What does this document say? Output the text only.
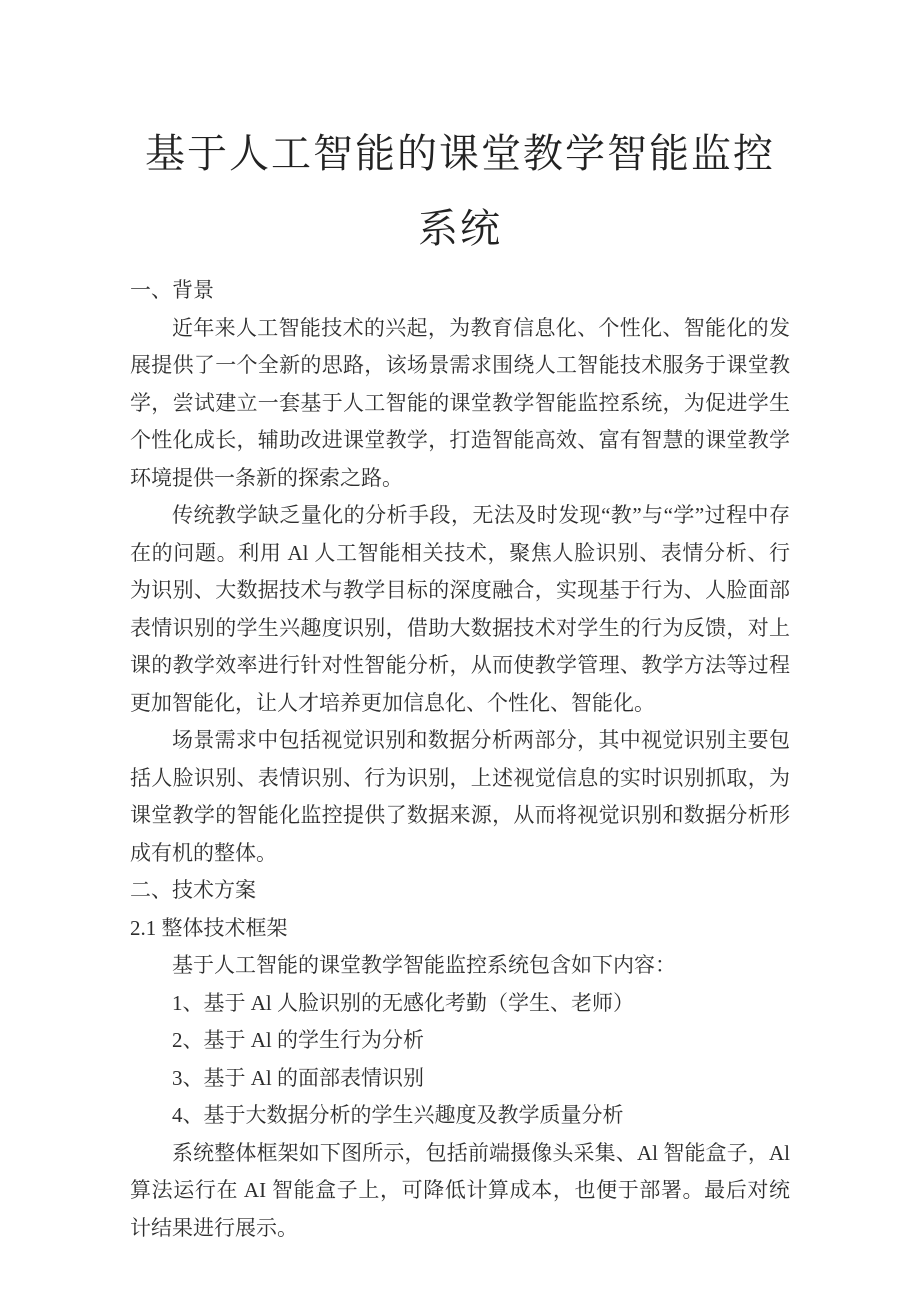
基于人工智能的课堂教学智能监控
系统
一、背景

近年来人工智能技术的兴起，为教育信息化、个性化、智能化的发展提供了一个全新的思路，该场景需求围绕人工智能技术服务于课堂教学，尝试建立一套基于人工智能的课堂教学智能监控系统，为促进学生个性化成长，辅助改进课堂教学，打造智能高效、富有智慧的课堂教学环境提供一条新的探索之路。

传统教学缺乏量化的分析手段，无法及时发现“教”与“学”过程中存在的问题。利用 Al 人工智能相关技术，聚焦人脸识别、表情分析、行为识别、大数据技术与教学目标的深度融合，实现基于行为、人脸面部表情识别的学生兴趣度识别，借助大数据技术对学生的行为反馈，对上课的教学效率进行针对性智能分析，从而使教学管理、教学方法等过程更加智能化，让人才培养更加信息化、个性化、智能化。

场景需求中包括视觉识别和数据分析两部分，其中视觉识别主要包括人脸识别、表情识别、行为识别，上述视觉信息的实时识别抓取，为课堂教学的智能化监控提供了数据来源，从而将视觉识别和数据分析形成有机的整体。

二、技术方案
2.1 整体技术框架

基于人工智能的课堂教学智能监控系统包含如下内容：

1、基于 Al 人脸识别的无感化考勤（学生、老师）

2、基于 Al 的学生行为分析

3、基于 Al 的面部表情识别

4、基于大数据分析的学生兴趣度及教学质量分析

系统整体框架如下图所示，包括前端摄像头采集、Al 智能盒子，Al 算法运行在 AI 智能盒子上，可降低计算成本，也便于部署。最后对统计结果进行展示。
